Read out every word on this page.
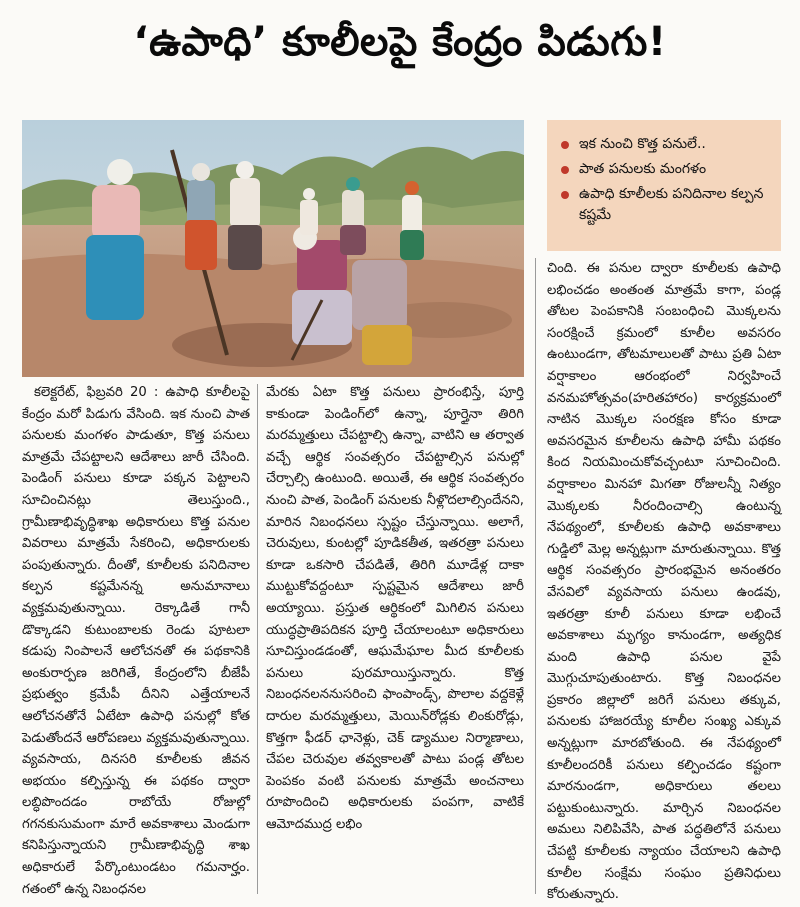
‘ఉపాధి’ కూలీలపై కేంద్రం పిడుగు!
ఇక నుంచి కొత్త పనులే..
పాత పనులకు మంగళం
ఉపాధి కూలీలకు పనిదినాల కల్పన కష్టమే

కలెక్టరేట్, ఫిబ్రవరి 20 : ఉపాధి కూలీలపై కేంద్రం మరో పిడుగు వేసింది. ఇక నుంచి పాత పనులకు మంగళం పాడుతూ, కొత్త పనులు మాత్రమే చేపట్టాలని ఆదేశాలు జారీ చేసింది. పెండింగ్ పనులు కూడా పక్కన పెట్టాలని సూచించినట్లు తెలుస్తుంది., గ్రామీణాభివృద్ధిశాఖ అధికారులు కొత్త పనుల వివరాలు మాత్రమే సేకరించి, అధికారులకు పంపుతున్నారు. దీంతో, కూలీలకు పనిదినాల కల్పన కష్టమేనన్న అనుమానాలు వ్యక్తమవుతున్నాయి. రెక్కాడితే గానీ డొక్కాడని కుటుంబాలకు రెండు పూటలా కడుపు నింపాలనే ఆలోచనతో ఈ పథకానికి అంకురార్పణ జరిగితే, కేంద్రంలోని బీజేపీ ప్రభుత్వం క్రమేపీ దీనిని ఎత్తేయాలనే ఆలోచనతోనే ఏటేటా ఉపాధి పనుల్లో కోత పెడుతోందనే ఆరోపణలు వ్యక్తమవుతున్నాయి. వ్యవసాయ, దినసరి కూలీలకు జీవన అభయం కల్పిస్తున్న ఈ పథకం ద్వారా లబ్ధిపొందడం రాబోయే రోజుల్లో గగనకుసుమంగా మారే అవకాశాలు మెండుగా కనిపిస్తున్నాయని గ్రామీణాభివృద్ధి శాఖ అధికారులే పేర్కొంటుండటం గమనార్హం. గతంలో ఉన్న నిబంధనల

మేరకు ఏటా కొత్త పనులు ప్రారంభిస్తే, పూర్తి కాకుండా పెండింగ్‌లో ఉన్నా, పూర్తైనా తిరిగి మరమ్మత్తులు చేపట్టాల్సి ఉన్నా, వాటిని ఆ తర్వాత వచ్చే ఆర్థిక సంవత్సరం చేపట్టాల్సిన పనుల్లో చేర్చాల్సి ఉంటుంది. అయితే, ఈ ఆర్థిక సంవత్సరం నుంచి పాత, పెండింగ్ పనులకు నీళ్లొదలాల్సిందేనని, మారిన నిబంధనలు స్పష్టం చేస్తున్నాయి. అలాగే, చెరువులు, కుంటల్లో పూడికతీత, ఇతరత్రా పనులు కూడా ఒకసారి చేపడితే, తిరిగి మూడేళ్ల దాకా ముట్టుకోవద్దంటూ స్పష్టమైన ఆదేశాలు జారీ అయ్యాయి. ప్రస్తుత ఆర్థికంలో మిగిలిన పనులు యుద్ధప్రాతిపదికన పూర్తి చేయాలంటూ అధికారులు సూచిస్తుండడంతో, ఆఘమేఘాల మీద కూలీలకు పనులు పురమాయిస్తున్నారు. కొత్త నిబంధనలననుసరించి ఫాంపాండ్స్, పొలాల వద్దకెళ్లే దారుల మరమ్మత్తులు, మెయిన్‌రోడ్లకు లింకురోడ్లు, కొత్తగా ఫీడర్ ఛానెళ్లు, చెక్ డ్యాముల నిర్మాణాలు, చేపల చెరువుల తవ్వకాలతో పాటు పండ్ల తోటల పెంపకం వంటి పనులకు మాత్రమే అంచనాలు రూపొందించి అధికారులకు పంపగా, వాటికే ఆమోదముద్ర లభిం

చింది. ఈ పనుల ద్వారా కూలీలకు ఉపాధి లభించడం అంతంత మాత్రమే కాగా, పండ్ల తోటల పెంపకానికి సంబంధించి మొక్కలను సంరక్షించే క్రమంలో కూలీల అవసరం ఉంటుండగా, తోటమాలులతో పాటు ప్రతి ఏటా వర్షాకాలం ఆరంభంలో నిర్వహించే వనమహోత్సవం(హరితహారం) కార్యక్రమంలో నాటిన మొక్కల సంరక్షణ కోసం కూడా అవసరమైన కూలీలను ఉపాధి హామీ పథకం కింద నియమించుకోవచ్చంటూ సూచించింది. వర్షాకాలం మినహా మిగతా రోజులన్నీ నిత్యం మొక్కలకు నీరందించాల్సి ఉంటున్న నేపథ్యంలో, కూలీలకు ఉపాధి అవకాశాలు గుడ్డిలో మెల్ల అన్నట్లుగా మారుతున్నాయి. కొత్త ఆర్థిక సంవత్సరం ప్రారంభమైన అనంతరం వేసవిలో వ్యవసాయ పనులు ఉండవు, ఇతరత్రా కూలీ పనులు కూడా లభించే అవకాశాలు మృగ్యం కానుండగా, అత్యధిక మంది ఉపాధి పనుల వైపే మొగ్గుచూపుతుంటారు. కొత్త నిబంధనల ప్రకారం జిల్లాలో జరిగే పనులు తక్కువ, పనులకు హాజరయ్యే కూలీల సంఖ్య ఎక్కువ అన్నట్లుగా మారబోతుంది. ఈ నేపథ్యంలో కూలీలందరికీ పనులు కల్పించడం కష్టంగా మారనుండగా, అధికారులు తలలు పట్టుకుంటున్నారు. మార్చిన నిబంధనల అమలు నిలిపివేసి, పాత పద్ధతిలోనే పనులు చేపట్టి కూలీలకు న్యాయం చేయాలని ఉపాధి కూలీల సంక్షేమ సంఘం ప్రతినిధులు కోరుతున్నారు.
